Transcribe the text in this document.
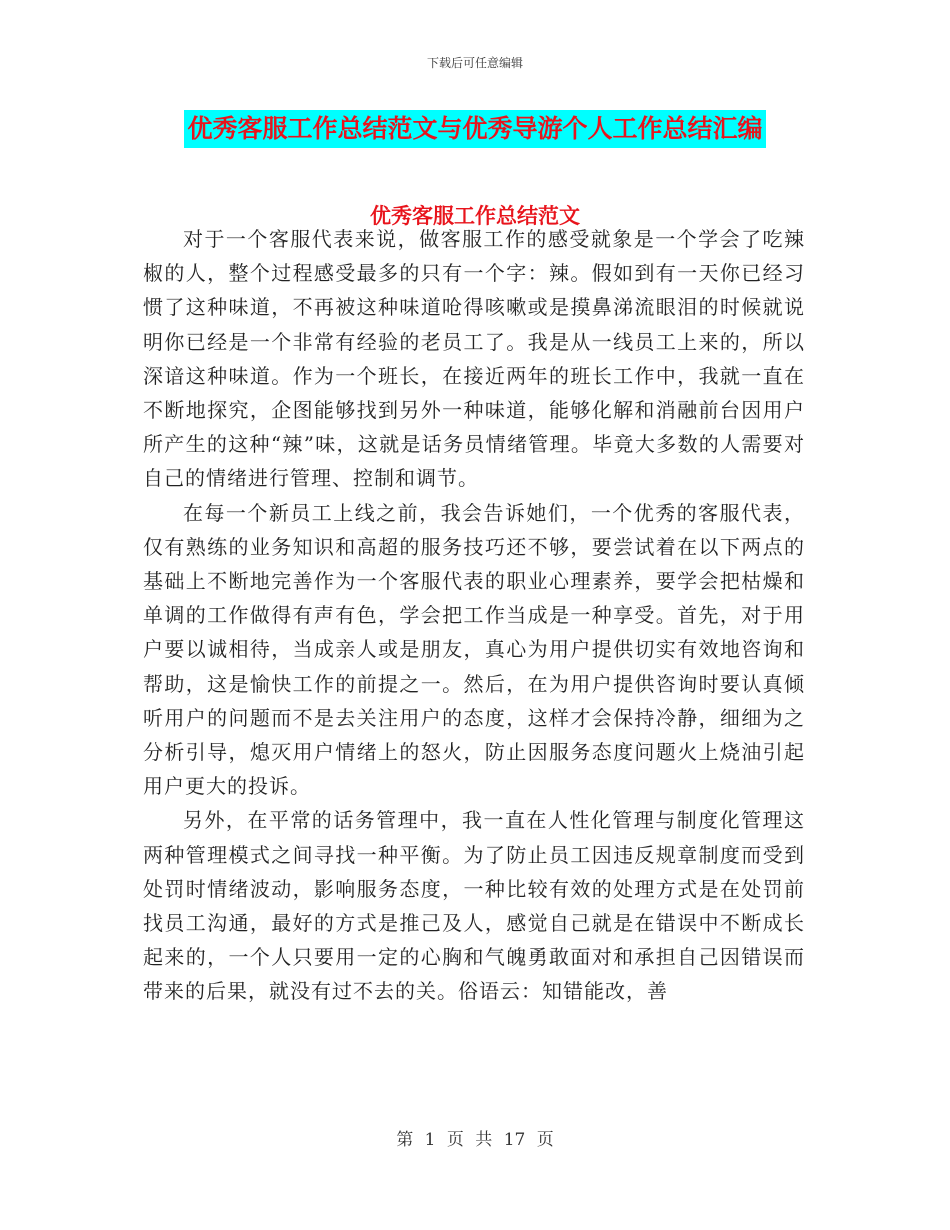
下载后可任意编辑
优秀客服工作总结范文与优秀导游个人工作总结汇编
优秀客服工作总结范文

对于一个客服代表来说，做客服工作的感受就象是一个学会了吃辣椒的人，整个过程感受最多的只有一个字：辣。假如到有一天你已经习惯了这种味道，不再被这种味道呛得咳嗽或是摸鼻涕流眼泪的时候就说明你已经是一个非常有经验的老员工了。我是从一线员工上来的，所以深谙这种味道。作为一个班长，在接近两年的班长工作中，我就一直在不断地探究，企图能够找到另外一种味道，能够化解和消融前台因用户所产生的这种“辣”味，这就是话务员情绪管理。毕竟大多数的人需要对自己的情绪进行管理、控制和调节。

在每一个新员工上线之前，我会告诉她们，一个优秀的客服代表，仅有熟练的业务知识和高超的服务技巧还不够，要尝试着在以下两点的基础上不断地完善作为一个客服代表的职业心理素养，要学会把枯燥和单调的工作做得有声有色，学会把工作当成是一种享受。首先，对于用户要以诚相待，当成亲人或是朋友，真心为用户提供切实有效地咨询和帮助，这是愉快工作的前提之一。然后，在为用户提供咨询时要认真倾听用户的问题而不是去关注用户的态度，这样才会保持冷静，细细为之分析引导，熄灭用户情绪上的怒火，防止因服务态度问题火上烧油引起用户更大的投诉。

另外，在平常的话务管理中，我一直在人性化管理与制度化管理这两种管理模式之间寻找一种平衡。为了防止员工因违反规章制度而受到处罚时情绪波动，影响服务态度，一种比较有效的处理方式是在处罚前找员工沟通，最好的方式是推己及人，感觉自己就是在错误中不断成长起来的，一个人只要用一定的心胸和气魄勇敢面对和承担自己因错误而带来的后果，就没有过不去的关。俗语云：知错能改，善

第 1 页 共 17 页
